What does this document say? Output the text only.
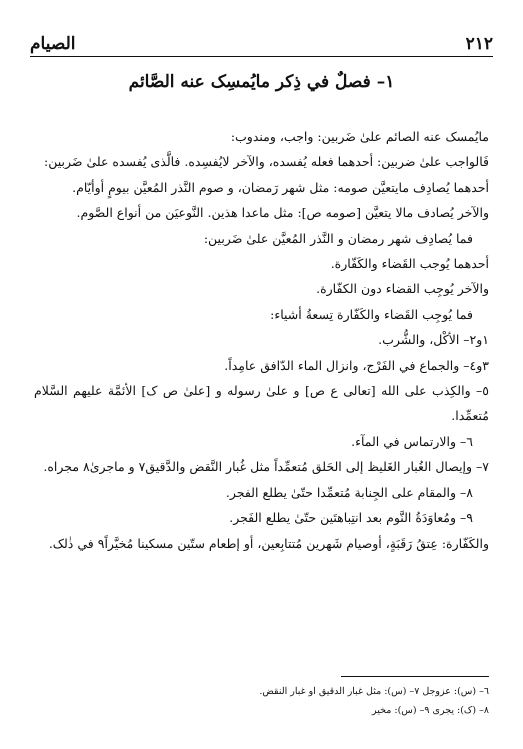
٢١٢
الصيام
١– فصلٌ في ذِكر مايُمسِک عنه الصَّائم

مايُمسک عنه الصائم علىٰ ضَربين: واجب، ومندوب:

فَالواجب علىٰ ضربين: أحدهما فعله يُفسده، والآخر لايُفسِده. فالَّذى يُفسده علىٰ ضَربين:

أحدهما يُصادِف مايتعيَّن صومه: مثل شهر رَمضان، و صوم النَّذر المُعيَّن بيومٍ أوأيّام.

والآخر يُصادف مالا يتعيَّن [صومه ص]: مثل ماعدا هذين. النَّوعيَن من أنواع الصَّوم.

فما يُصادِف شهر رمضان و النَّذر المُعيَّن علىٰ ضَربين:

أحدهما يُوجب القَضاء والكَفّارة.

والآخر يُوجِب القضاء دون الكفّارة.

فما يُوجِب القَضاء والكَفّارة تِسعةُ أشياء:

١و٢– الأكْل، والشُّرب.

٣و٤– والجماع في الفَرْج، وانزال الماء الدّافق عامِداً.

٥– والكِذب على الله [تعالى ع ص] و علىٰ رسوله و [علىٰ ص ک] الأئمَّة عليهم السَّلام مُتعمِّدا.

٦– والارتماس في المآء.

٧– وإيصال الغُبار الغَليظ إلى الحَلق مُتعمِّداً مثل غُبار النَّقض والدَّقيق٧ و ماجرىٰ٨ مجراه.

٨– والمقام على الجِنابة مُتعمِّدا حتّىٰ يطلع الفجر.

٩– ومُعاوَدَةُ النَّوم بعد انتِباهتَين حتّىٰ يطلع الفَجر.

والكَفّارة: عِتقُ رَقَبَةٍ، أوصيام شَهرين مُتتابِعين، أو إطعام ستّين مسكينا مُخيَّراً٩ في ذٰلک.

٦– (س): عزوجل ٧– (س): مثل غبار الدقيق او غبار النقض.

٨– (ک): يجرى ٩– (س): مخير
